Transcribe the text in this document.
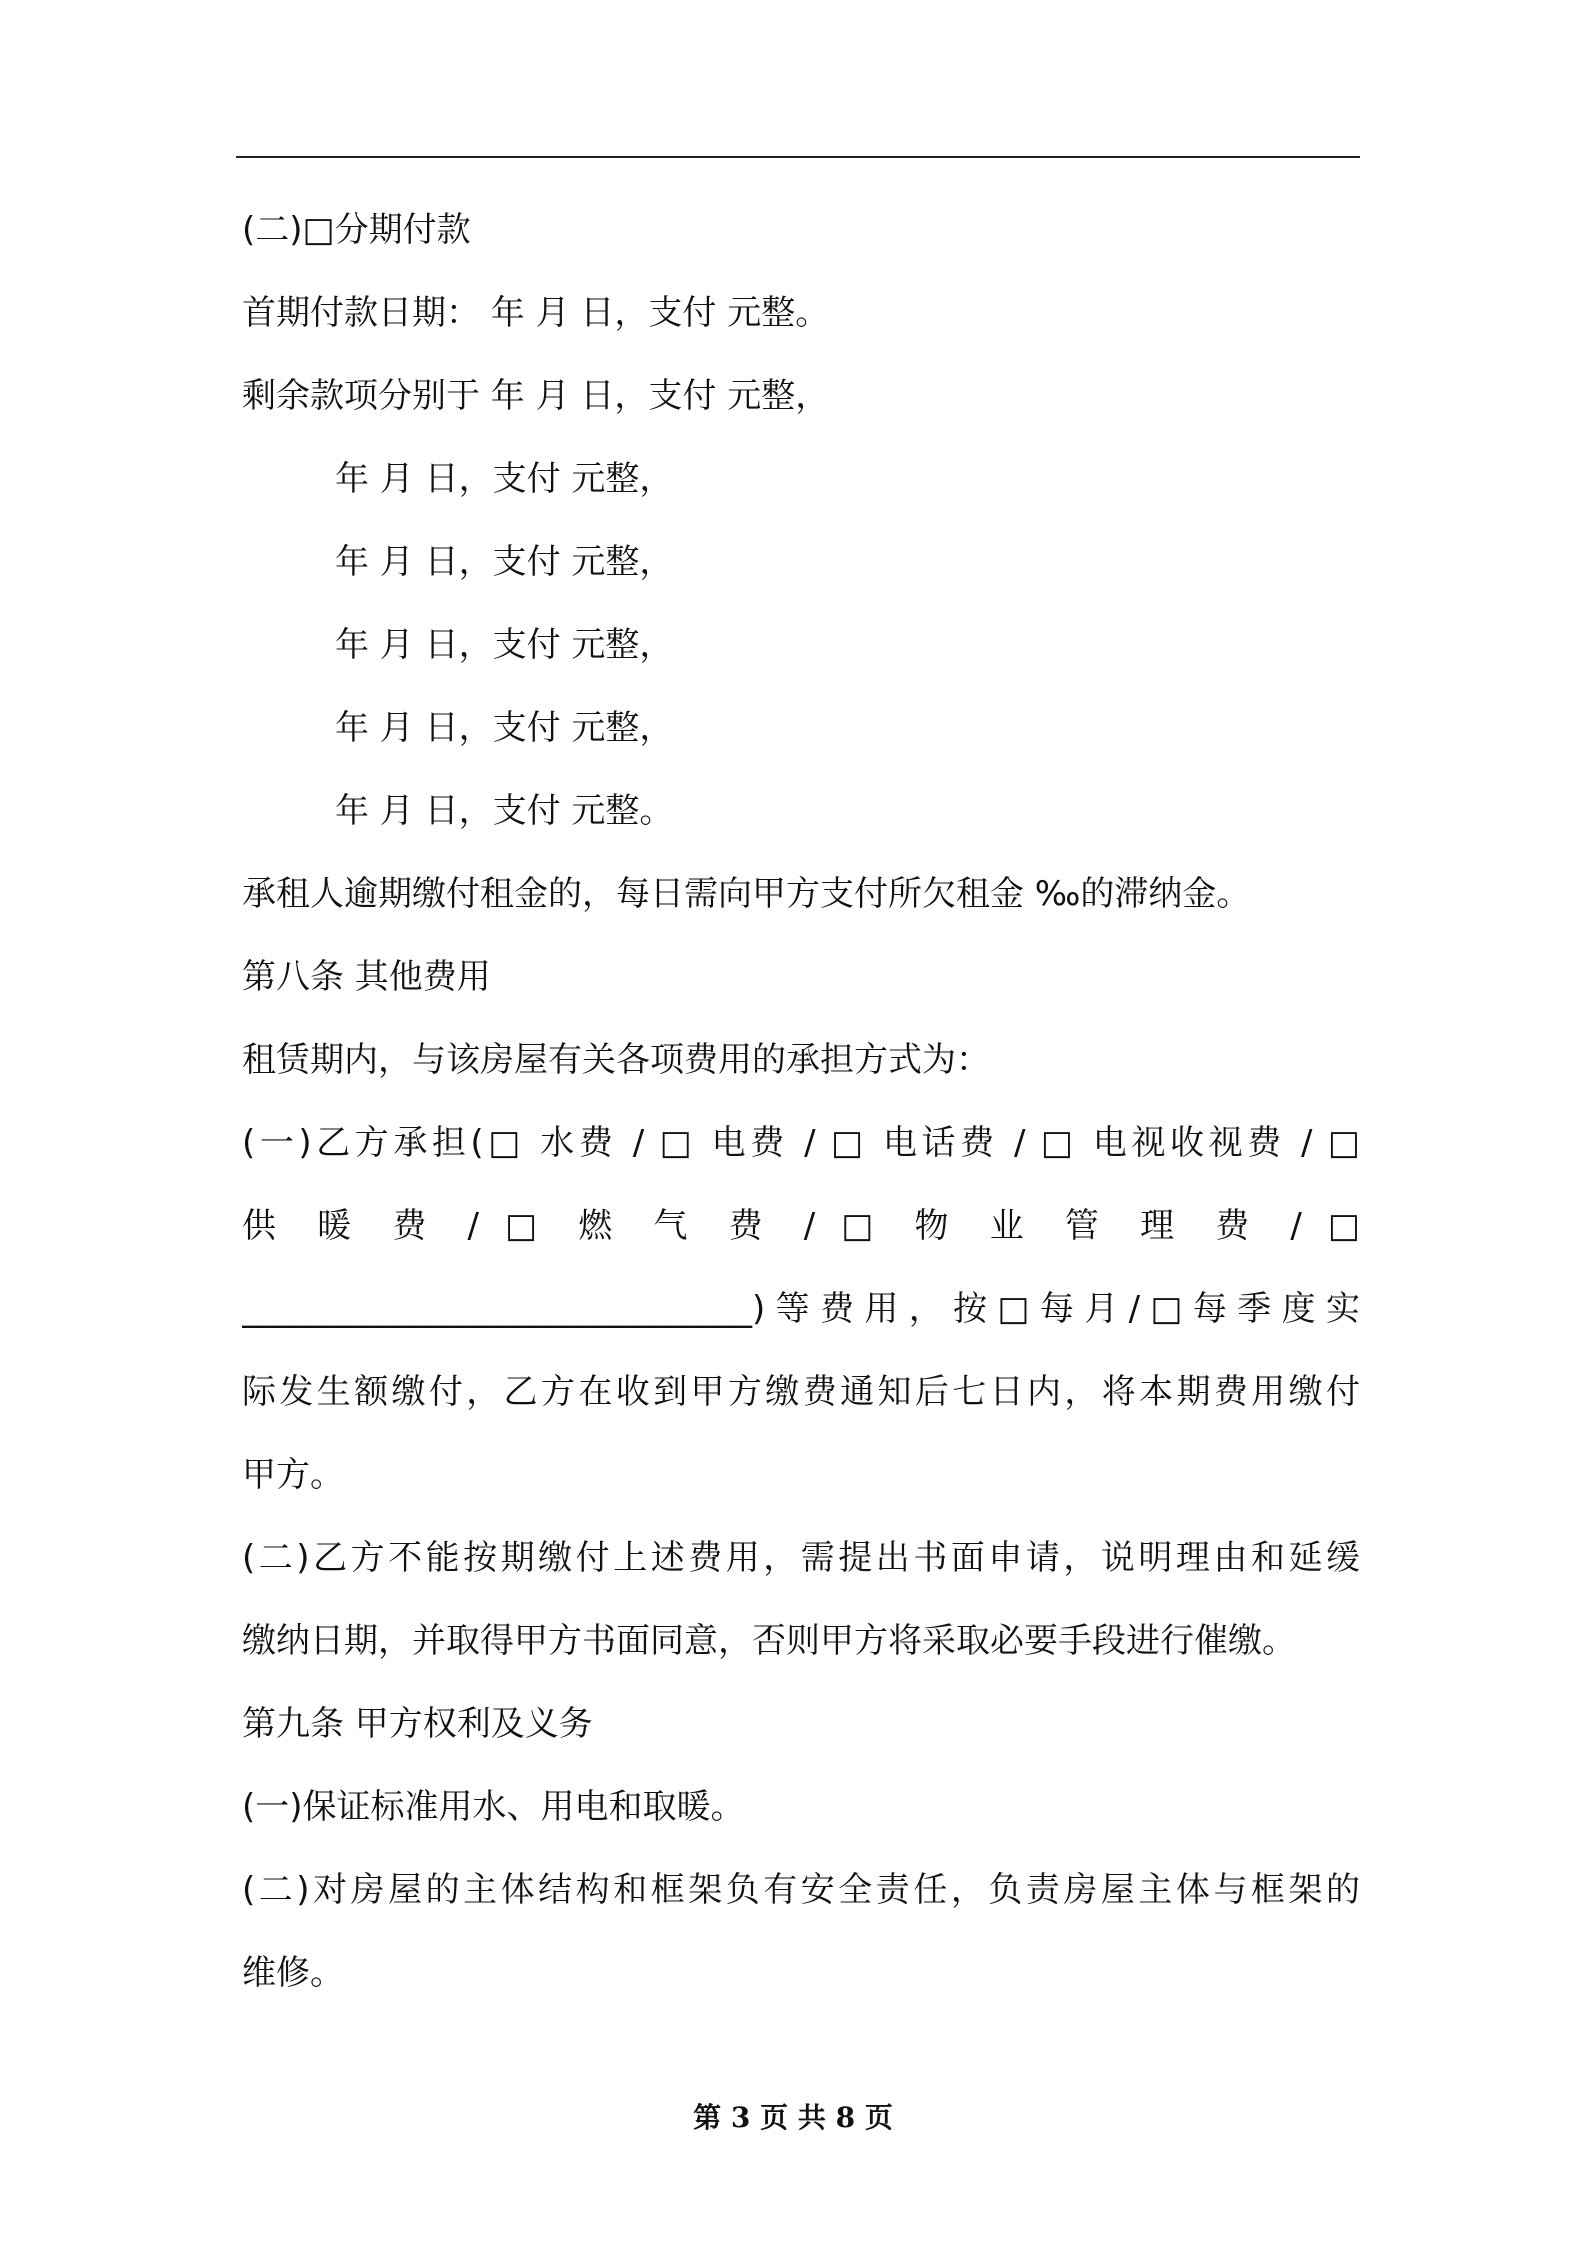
(二)□分期付款
首期付款日期： 年 月 日，支付 元整。
剩余款项分别于 年 月 日，支付 元整，
年 月 日，支付 元整，
年 月 日，支付 元整，
年 月 日，支付 元整，
年 月 日，支付 元整，
年 月 日，支付 元整。
承租人逾期缴付租金的，每日需向甲方支付所欠租金 ‰的滞纳金。
第八条 其他费用
租赁期内，与该房屋有关各项费用的承担方式为：
(一)乙方承担(□ 水费 / □ 电费 / □ 电话费 / □ 电视收视费 / □
供 暖 费 / □ 燃 气 费 / □ 物 业 管 理 费 / □
______________________________)等费用，按□每月/□每季度实
际发生额缴付，乙方在收到甲方缴费通知后七日内，将本期费用缴付
甲方。
(二)乙方不能按期缴付上述费用，需提出书面申请，说明理由和延缓
缴纳日期，并取得甲方书面同意，否则甲方将采取必要手段进行催缴。
第九条 甲方权利及义务
(一)保证标准用水、用电和取暖。
(二)对房屋的主体结构和框架负有安全责任，负责房屋主体与框架的
维修。
第 3 页 共 8 页
